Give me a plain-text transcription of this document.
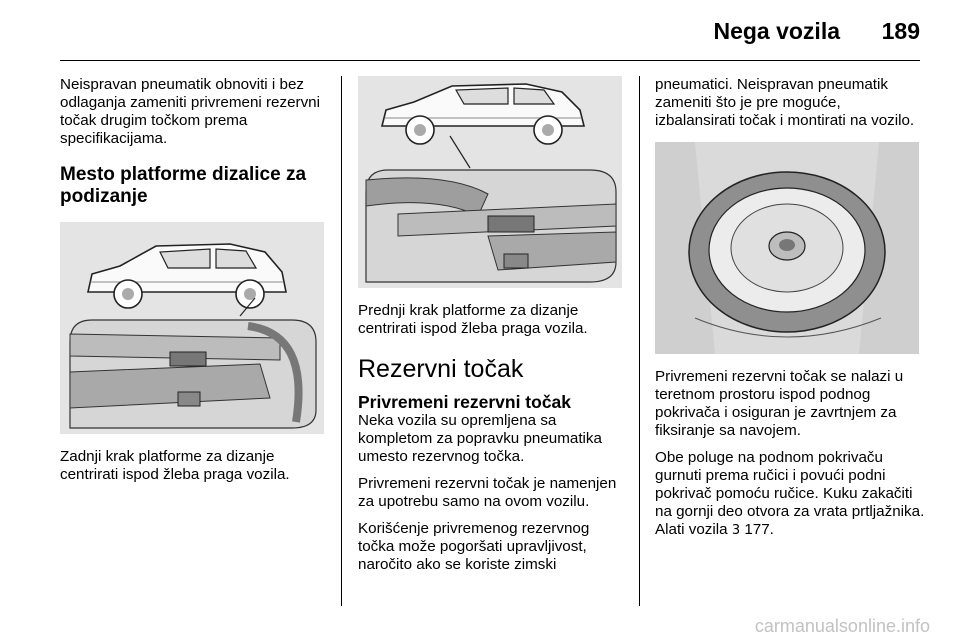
Nega vozila	189

Neispravan pneumatik obnoviti i bez odlaganja zameniti privremeni rezervni točak drugim točkom prema specifikacijama.

Mesto platforme dizalice za podizanje

Zadnji krak platforme za dizanje centrirati ispod žleba praga vozila.

Prednji krak platforme za dizanje centrirati ispod žleba praga vozila.

Rezervni točak
Privremeni rezervni točak

Neka vozila su opremljena sa kompletom za popravku pneumatika umesto rezervnog točka.

Privremeni rezervni točak je namenjen za upotrebu samo na ovom vozilu.

Korišćenje privremenog rezervnog točka može pogoršati upravljivost, naročito ako se koriste zimski

pneumatici. Neispravan pneumatik zameniti što je pre moguće, izbalansirati točak i montirati na vozilo.

Privremeni rezervni točak se nalazi u teretnom prostoru ispod podnog pokrivača i osiguran je zavrtnjem za fiksiranje sa navojem.

Obe poluge na podnom pokrivaču gurnuti prema ručici i povući podni pokrivač pomoću ručice. Kuku zakačiti na gornji deo otvora za vrata prtljažnika. Alati vozila 3 177.

carmanualsonline.info
